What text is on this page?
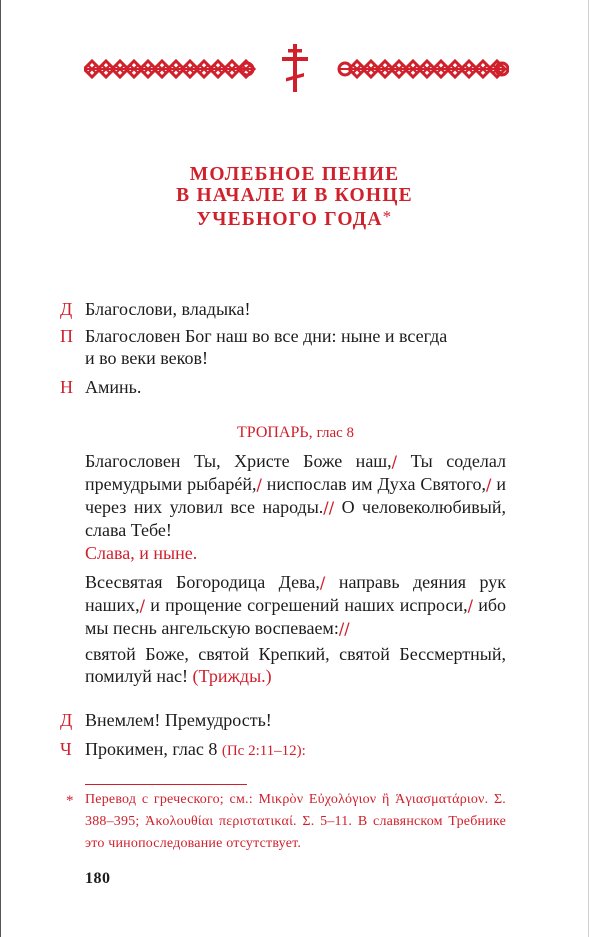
МОЛЕБНОЕ ПЕНИЕ
В НАЧАЛЕ И В КОНЦЕ
УЧЕБНОГО ГОДА*
Д Благослови, владыка!
П Благословен Бог наш во все дни: ныне и всегда
и во веки веков!
Н Аминь.
ТРОПАРЬ, глас 8
Благословен Ты, Христе Боже наш,/ Ты соделал премудрыми рыбарéй,/ ниспослав им Духа Святого,/ и через них уловил все народы.// О человеколюбивый, слава Тебе!
Слава, и ныне.
Всесвятая Богородица Дева,/ направь деяния рук наших,/ и прощение согрешений наших испроси,/ ибо мы песнь ангельскую воспеваем://
святой Боже, святой Крепкий, святой Бессмертный, помилуй нас! (Трижды.)
Д Внемлем! Премудрость!
Ч Прокимен, глас 8 (Пс 2:11–12):
* Перевод с греческого; см.: Μικρὸν Εὐχολόγιον ἢ Ἁγιασματάριον. Σ. 388–395; Ἀκολουθίαι περιστατικαί. Σ. 5–11. В славянском Требнике это чинопоследование отсутствует.
180
